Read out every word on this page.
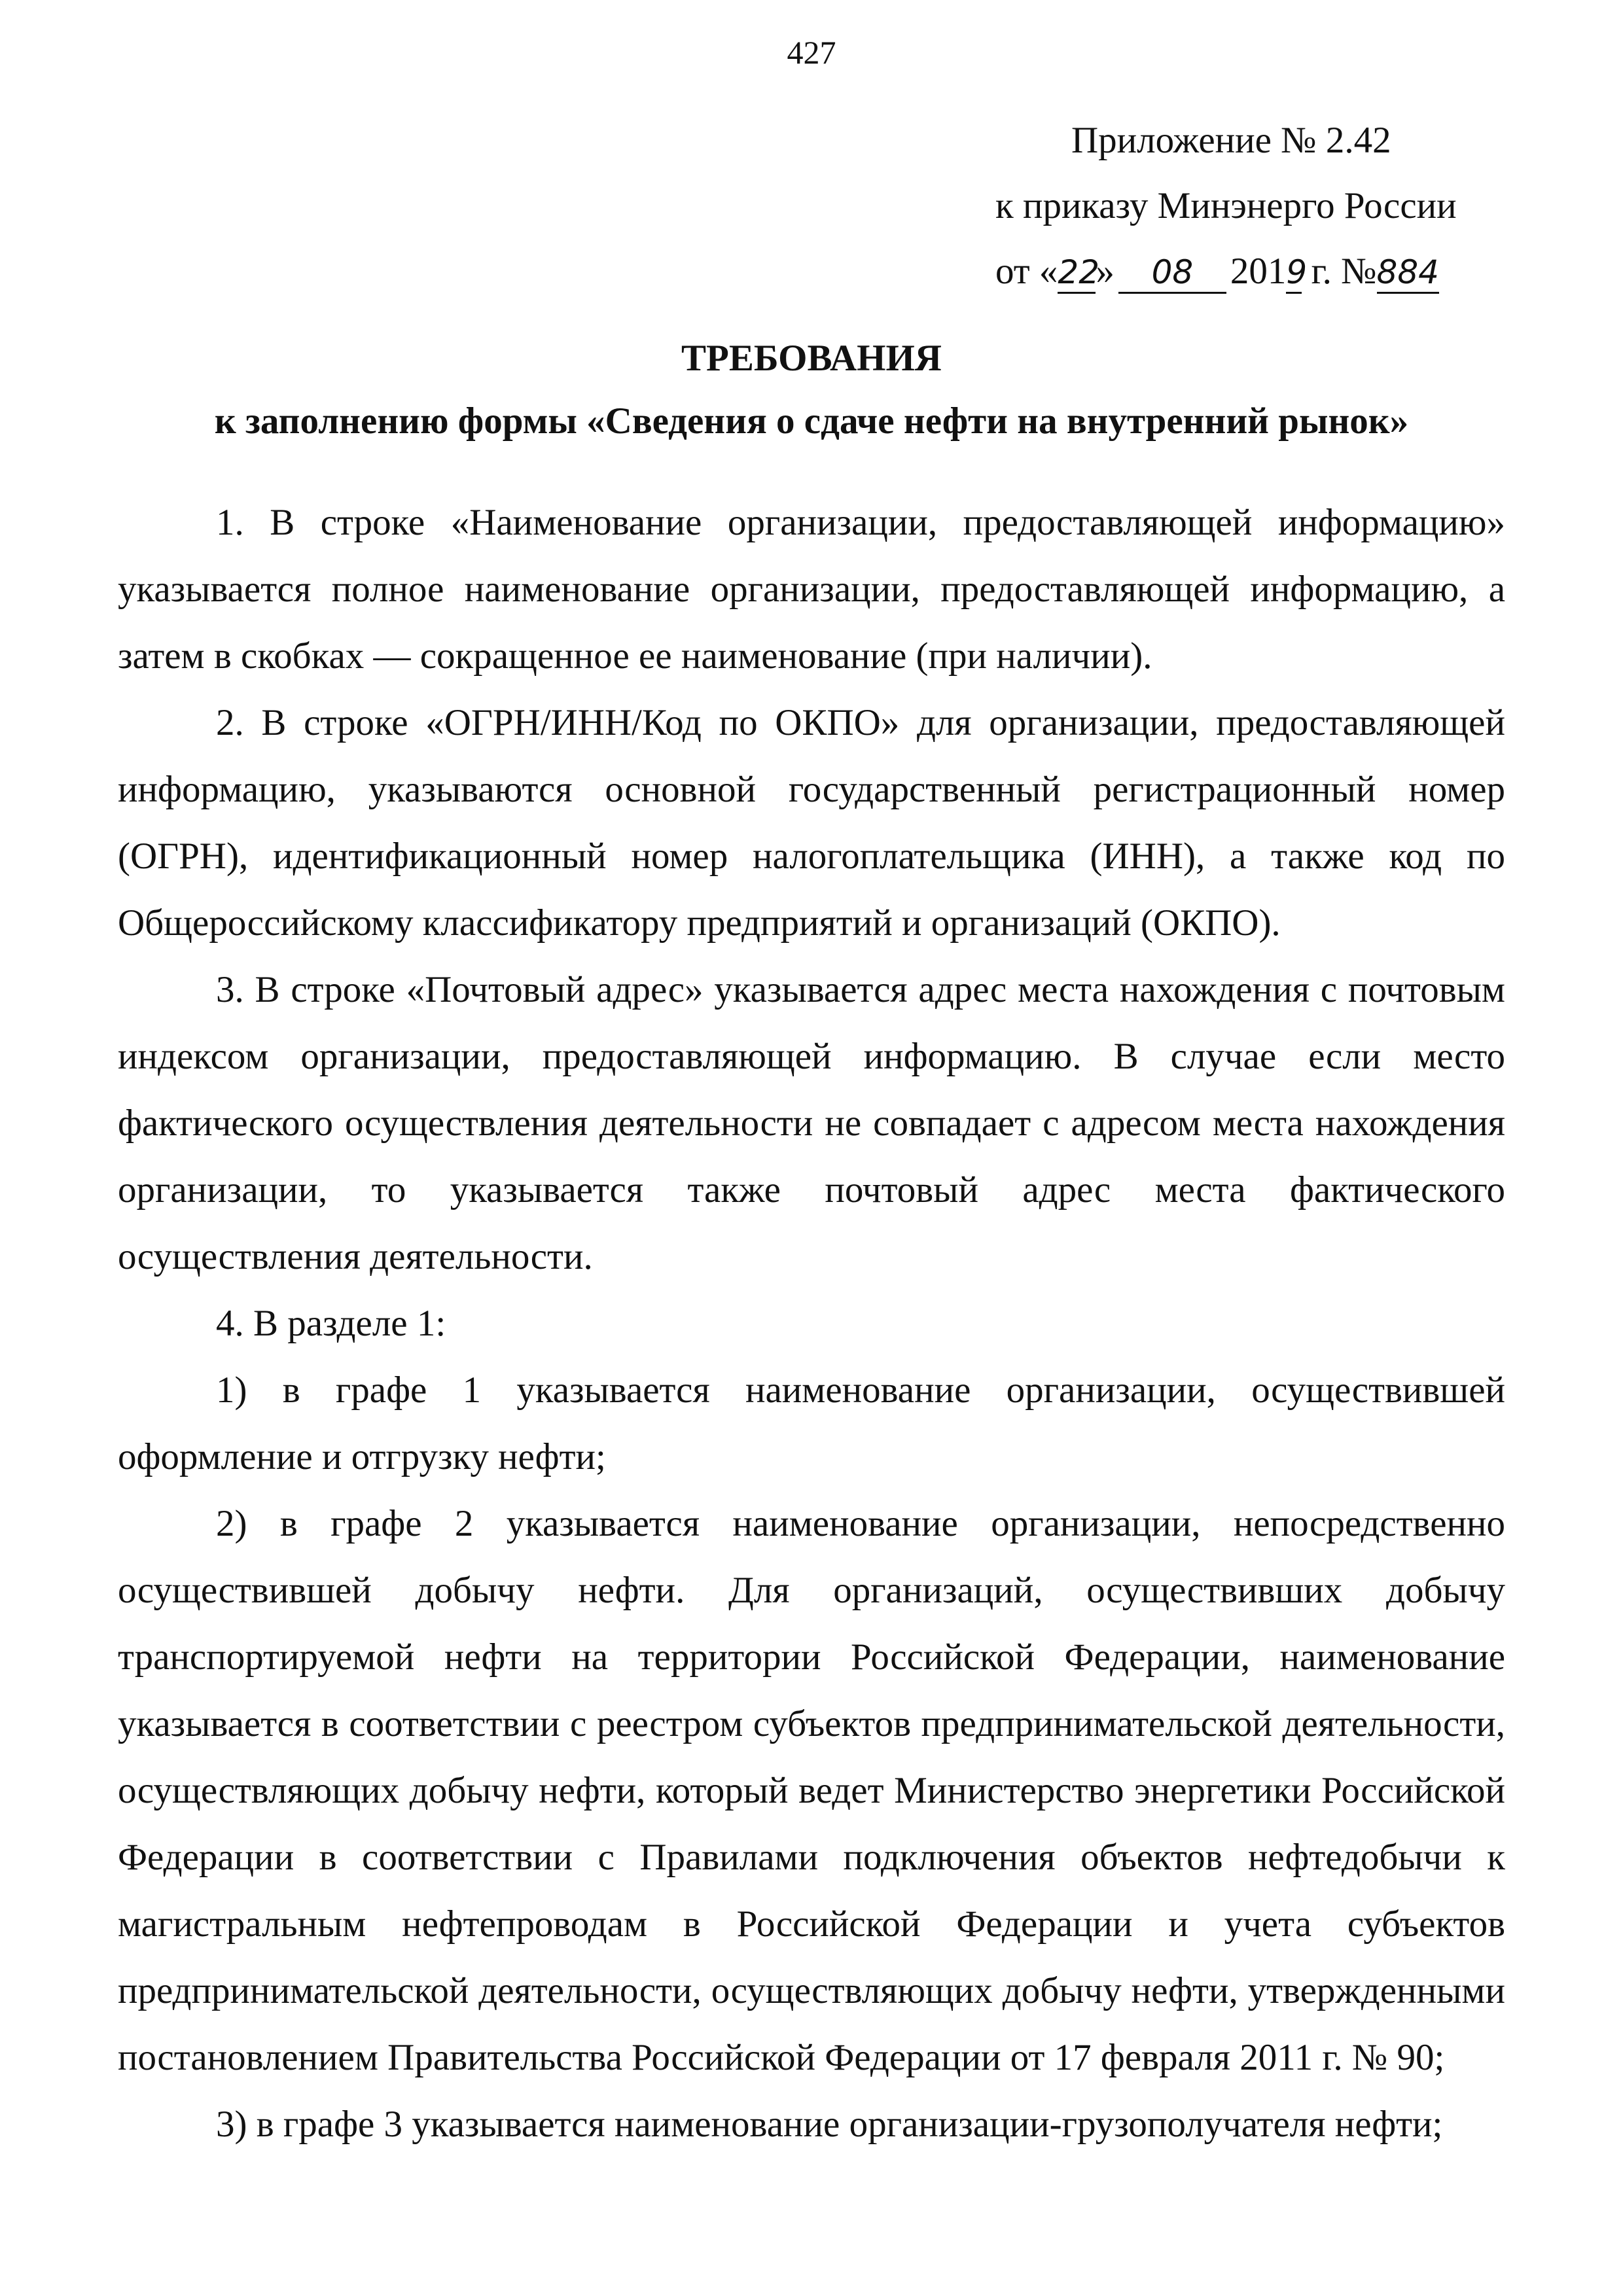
427
Приложение № 2.42
к приказу Минэнерго России
от «22» 08 2019 г. №884
ТРЕБОВАНИЯ
к заполнению формы «Сведения о сдаче нефти на внутренний рынок»

1. В строке «Наименование организации, предоставляющей информацию» указывается полное наименование организации, предоставляющей информацию, а затем в скобках — сокращенное ее наименование (при наличии).

2. В строке «ОГРН/ИНН/Код по ОКПО» для организации, предоставляющей информацию, указываются основной государственный регистрационный номер (ОГРН), идентификационный номер налогоплательщика (ИНН), а также код по Общероссийскому классификатору предприятий и организаций (ОКПО).

3. В строке «Почтовый адрес» указывается адрес места нахождения с почтовым индексом организации, предоставляющей информацию. В случае если место фактического осуществления деятельности не совпадает с адресом места нахождения организации, то указывается также почтовый адрес места фактического осуществления деятельности.

4. В разделе 1:

1) в графе 1 указывается наименование организации, осуществившей оформление и отгрузку нефти;

2) в графе 2 указывается наименование организации, непосредственно осуществившей добычу нефти. Для организаций, осуществивших добычу транспортируемой нефти на территории Российской Федерации, наименование указывается в соответствии с реестром субъектов предпринимательской деятельности, осуществляющих добычу нефти, который ведет Министерство энергетики Российской Федерации в соответствии с Правилами подключения объектов нефтедобычи к магистральным нефтепроводам в Российской Федерации и учета субъектов предпринимательской деятельности, осуществляющих добычу нефти, утвержденными постановлением Правительства Российской Федерации от 17 февраля 2011 г. № 90;

3) в графе 3 указывается наименование организации-грузополучателя нефти;
